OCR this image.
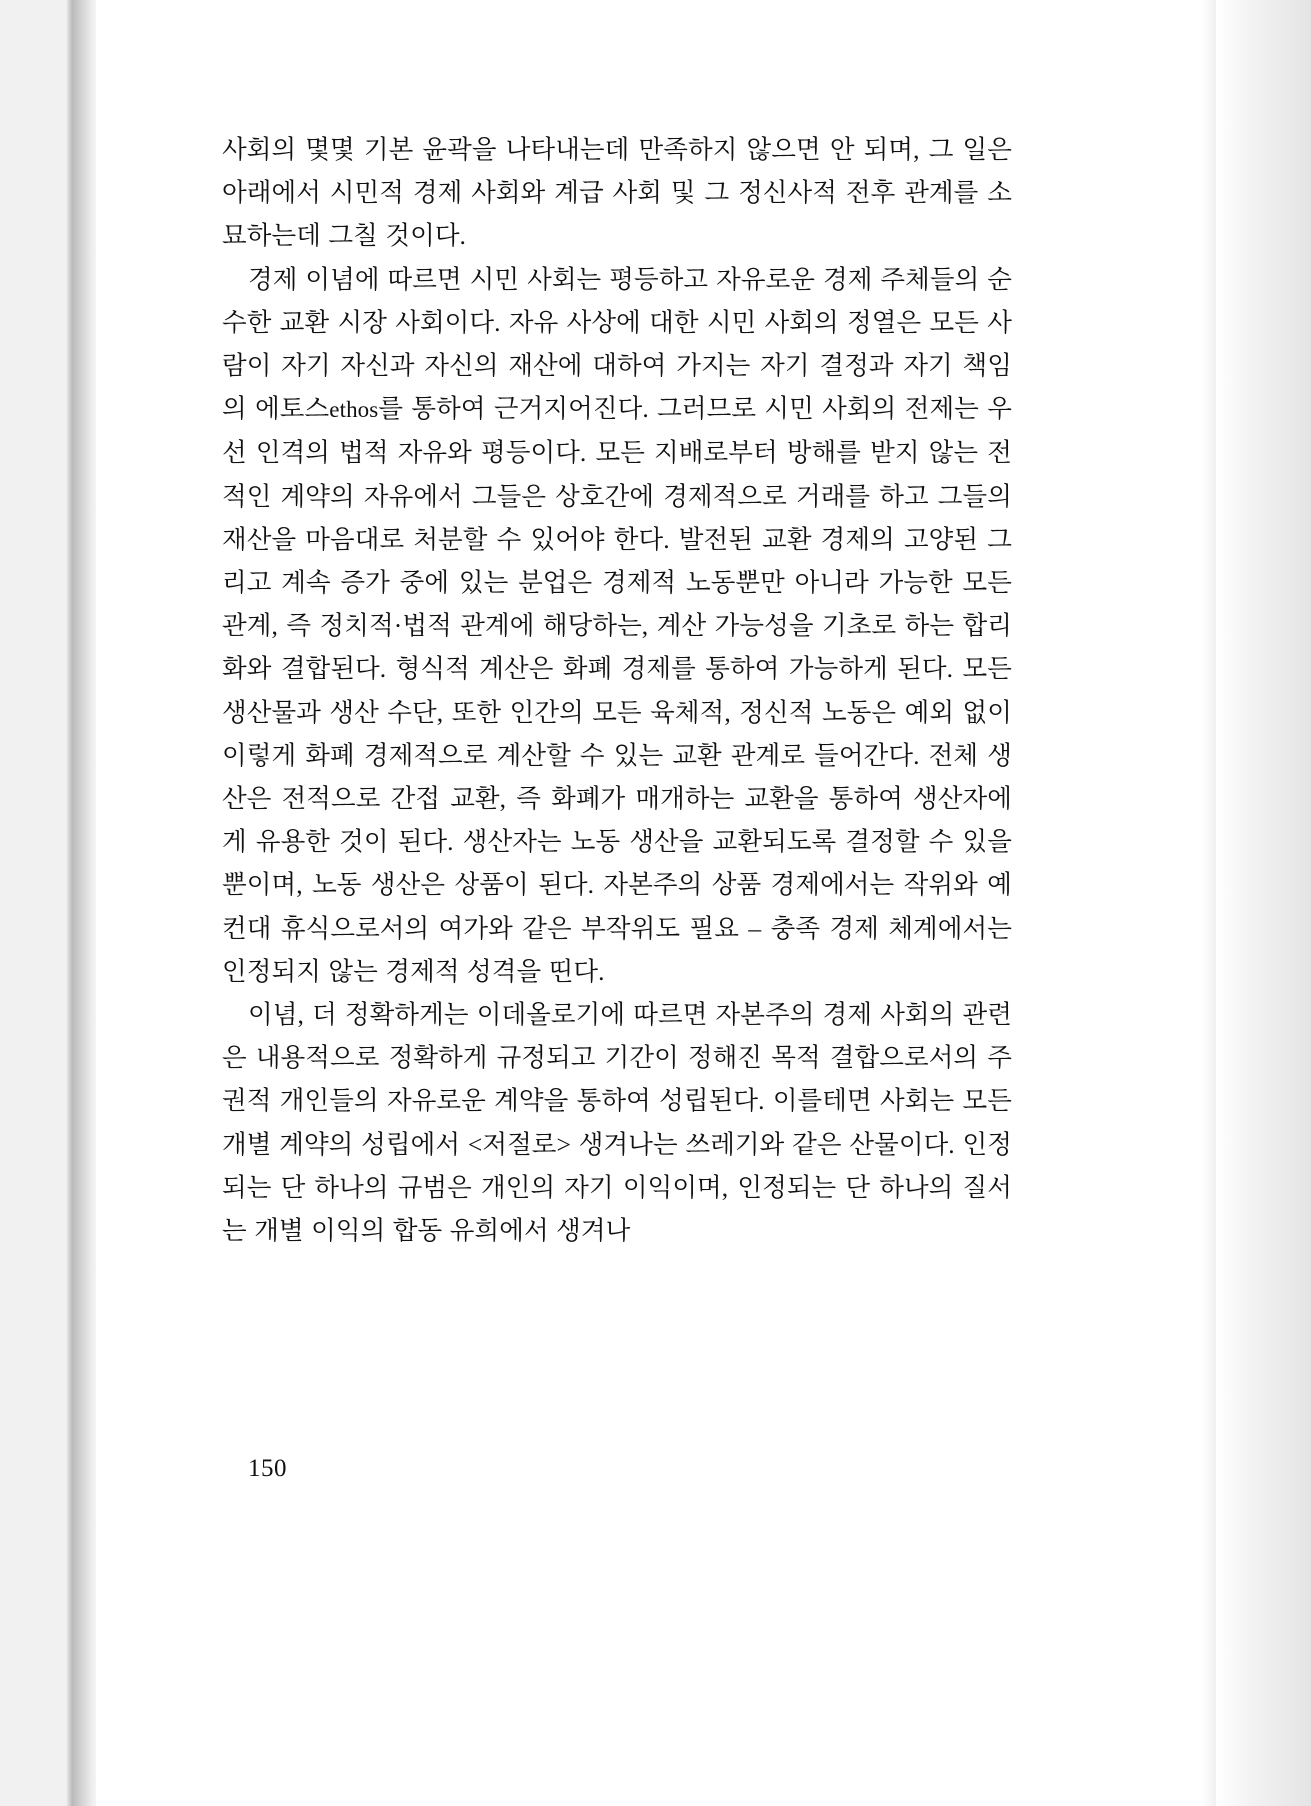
사회의 몇몇 기본 윤곽을 나타내는데 만족하지 않으면 안 되며, 그 일은 아래에서 시민적 경제 사회와 계급 사회 및 그 정신사적 전후 관계를 소묘하는데 그칠 것이다.

경제 이념에 따르면 시민 사회는 평등하고 자유로운 경제 주체들의 순수한 교환 시장 사회이다. 자유 사상에 대한 시민 사회의 정열은 모든 사람이 자기 자신과 자신의 재산에 대하여 가지는 자기 결정과 자기 책임의 에토스ethos를 통하여 근거지어진다. 그러므로 시민 사회의 전제는 우선 인격의 법적 자유와 평등이다. 모든 지배로부터 방해를 받지 않는 전적인 계약의 자유에서 그들은 상호간에 경제적으로 거래를 하고 그들의 재산을 마음대로 처분할 수 있어야 한다. 발전된 교환 경제의 고양된 그리고 계속 증가 중에 있는 분업은 경제적 노동뿐만 아니라 가능한 모든 관계, 즉 정치적·법적 관계에 해당하는, 계산 가능성을 기초로 하는 합리화와 결합된다. 형식적 계산은 화폐 경제를 통하여 가능하게 된다. 모든 생산물과 생산 수단, 또한 인간의 모든 육체적, 정신적 노동은 예외 없이 이렇게 화폐 경제적으로 계산할 수 있는 교환 관계로 들어간다. 전체 생산은 전적으로 간접 교환, 즉 화폐가 매개하는 교환을 통하여 생산자에게 유용한 것이 된다. 생산자는 노동 생산을 교환되도록 결정할 수 있을 뿐이며, 노동 생산은 상품이 된다. 자본주의 상품 경제에서는 작위와 예컨대 휴식으로서의 여가와 같은 부작위도 필요 – 충족 경제 체계에서는 인정되지 않는 경제적 성격을 띤다.

이념, 더 정확하게는 이데올로기에 따르면 자본주의 경제 사회의 관련은 내용적으로 정확하게 규정되고 기간이 정해진 목적 결합으로서의 주권적 개인들의 자유로운 계약을 통하여 성립된다. 이를테면 사회는 모든 개별 계약의 성립에서 <저절로> 생겨나는 쓰레기와 같은 산물이다. 인정되는 단 하나의 규범은 개인의 자기 이익이며, 인정되는 단 하나의 질서는 개별 이익의 합동 유희에서 생겨나

150
